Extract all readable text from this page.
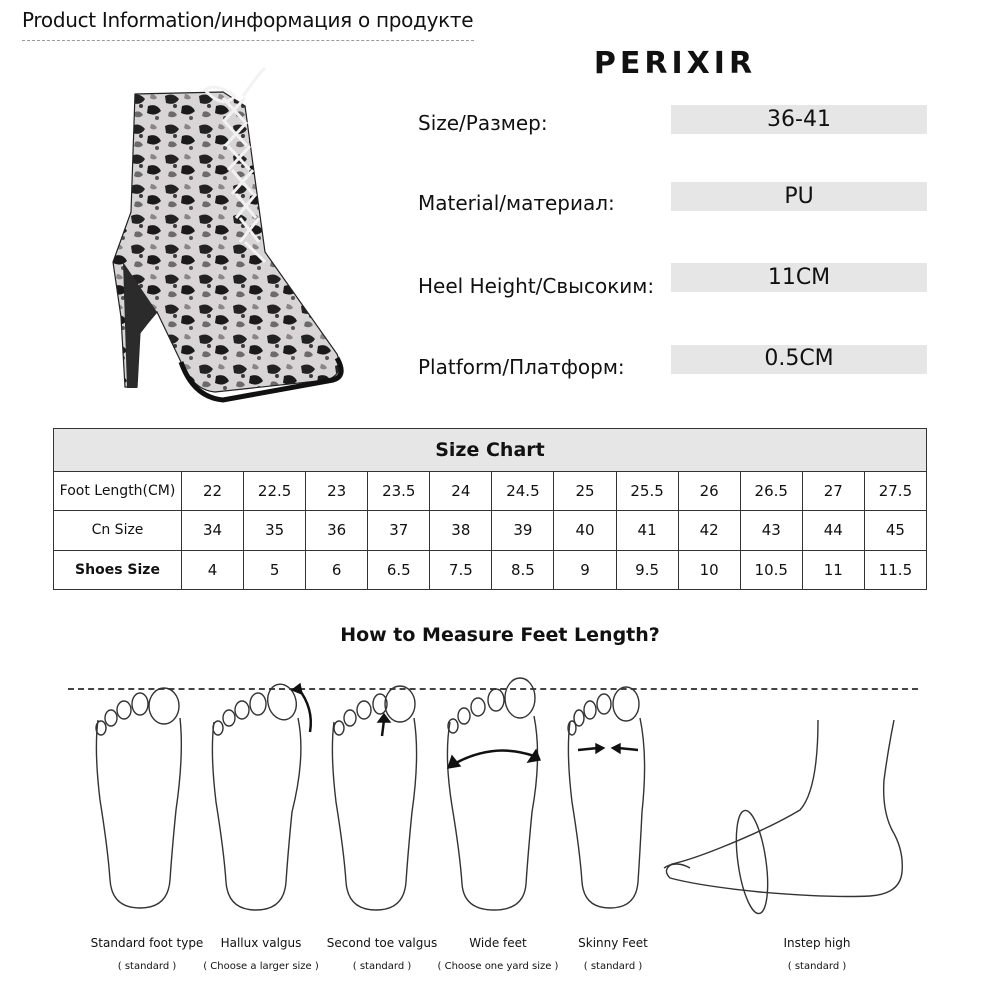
Product Information/информация о продукте
PERIXIR
Size/Размер:	36-41
Material/материал:	PU
Heel Height/Свысоким:	11CM
Platform/Платформ:	0.5CM
Size Chart												
Foot Length(CM)	22	22.5	23	23.5	24	24.5	25	25.5	26	26.5	27	27.5
Cn Size	34	35	36	37	38	39	40	41	42	43	44	45
Shoes Size	4	5	6	6.5	7.5	8.5	9	9.5	10	10.5	11	11.5
How to Measure Feet Length?
Standard foot type
( standard )
Hallux valgus
( Choose a larger size )
Second toe valgus
( standard )
Wide feet
( Choose one yard size )
Skinny Feet
( standard )
Instep high
( standard )
